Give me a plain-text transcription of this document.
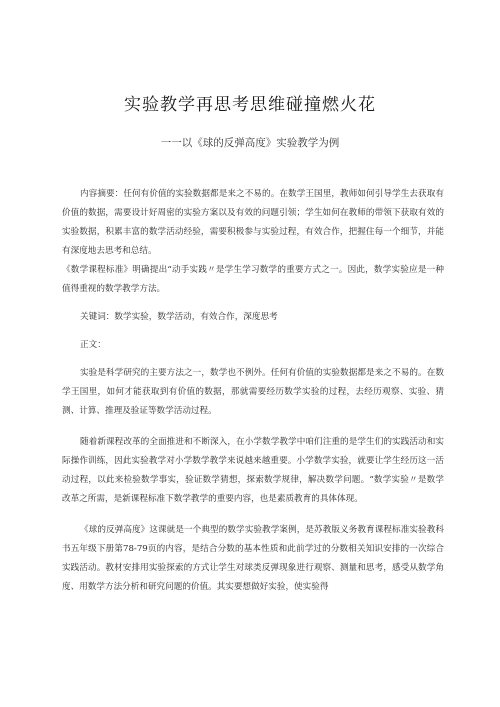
实验教学再思考思维碰撞燃火花
一一以《球的反弹高度》实验教学为例

内容摘要：任何有价值的实验数据都是来之不易的。在数学王国里，教师如何引导学生去获取有价值的数据，需要设计好周密的实验方案以及有效的问题引领；学生如何在教师的带领下获取有效的实验数据，积累丰富的数学活动经验，需要积极参与实验过程，有效合作，把握住每一个细节，并能有深度地去思考和总结。

《数学课程标准》明确提出“动手实践〃是学生学习数学的重要方式之一。因此，数学实验应是一种值得重视的数学教学方法。

关键词：数学实验，数学活动，有效合作，深度思考

正文：

实验是科学研究的主要方法之一，数学也不例外。任何有价值的实验数据都是来之不易的。在数学王国里，如何才能获取到有价值的数据，那就需要经历数学实验的过程，去经历观察、实验、猜测、计算、推理及验证等数学活动过程。

随着新课程改革的全面推进和不断深入，在小学数学教学中咱们注重的是学生们的实践活动和实际操作训练，因此实验教学对小学数学教学来说越来越重要。小学数学实验，就要让学生经历这一活动过程，以此来检验数学事实，验证数学猜想，探索数学规律，解决数学问题。“数学实验〃是数学改革之所需，是新课程标准下数学教学的重要内容，也是素质教育的具体体现。

《球的反弹高度》这课就是一个典型的数学实验教学案例，是苏教版义务教育课程标准实验教科书五年级下册第78-79页的内容，是结合分数的基本性质和此前学过的分数相关知识安排的一次综合实践活动。教材安排用实验探索的方式让学生对球类反弹现象进行观察、测量和思考，感受从数学角度、用数学方法分析和研究问题的价值。其实要想做好实验，使实验得
